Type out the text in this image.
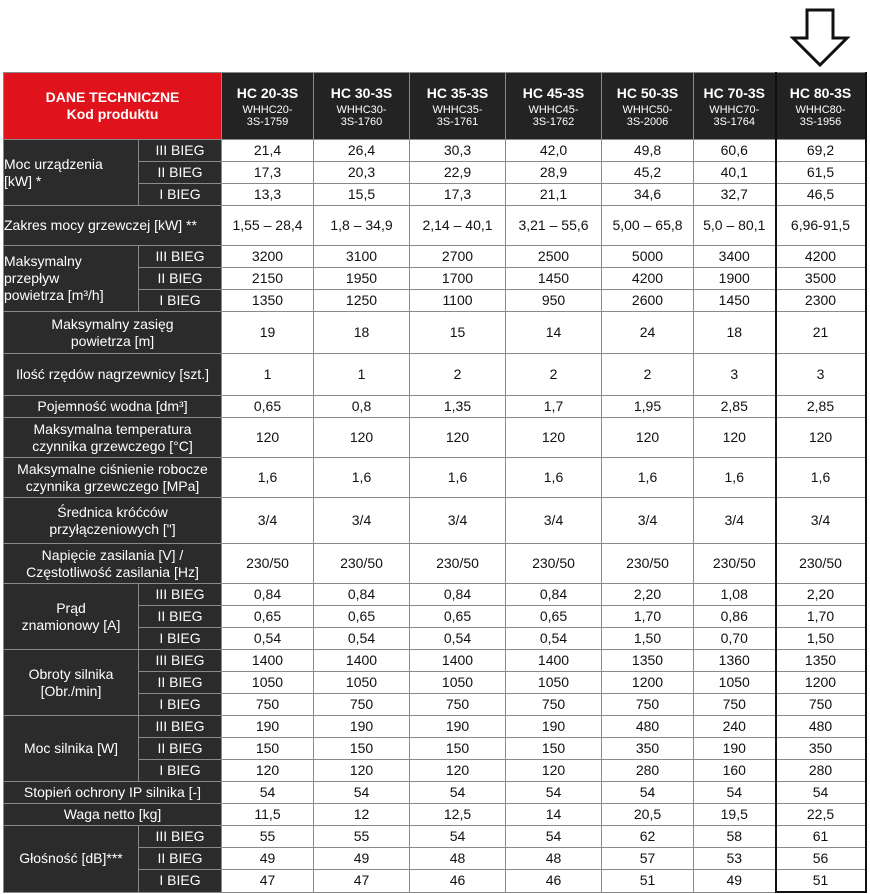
DANE TECHNICZNE
Kod produktu		HC 20-3S
WHHC20-
3S-1759	HC 30-3S
WHHC30-
3S-1760	HC 35-3S
WHHC35-
3S-1761	HC 45-3S
WHHC45-
3S-1762	HC 50-3S
WHHC50-
3S-2006	HC 70-3S
WHHC70-
3S-1764	HC 80-3S
WHHC80-
3S-1956

Moc urządzenia
[kW] *	III BIEG	21,4	26,4	30,3	42,0	49,8	60,6	69,2
	II BIEG	17,3	20,3	22,9	28,9	45,2	40,1	61,5
	I BIEG	13,3	15,5	17,3	21,1	34,6	32,7	46,5
Zakres mocy grzewczej [kW] **		1,55 – 28,4	1,8 – 34,9	2,14 – 40,1	3,21 – 55,6	5,00 – 65,8	5,0 – 80,1	6,96-91,5
Maksymalny
przepływ
powietrza [m³/h]	III BIEG	3200	3100	2700	2500	5000	3400	4200
	II BIEG	2150	1950	1700	1450	4200	1900	3500
	I BIEG	1350	1250	1100	950	2600	1450	2300
Maksymalny zasięg
powietrza [m]		19	18	15	14	24	18	21
Ilość rzędów nagrzewnicy [szt.]		1	1	2	2	2	3	3
Pojemność wodna [dm³]		0,65	0,8	1,35	1,7	1,95	2,85	2,85
Maksymalna temperatura
czynnika grzewczego [°C]		120	120	120	120	120	120	120
Maksymalne ciśnienie robocze
czynnika grzewczego [MPa]		1,6	1,6	1,6	1,6	1,6	1,6	1,6
Średnica króćców
przyłączeniowych ["]		3/4	3/4	3/4	3/4	3/4	3/4	3/4
Napięcie zasilania [V] /
Częstotliwość zasilania [Hz]		230/50	230/50	230/50	230/50	230/50	230/50	230/50
Prąd
znamionowy [A]	III BIEG	0,84	0,84	0,84	0,84	2,20	1,08	2,20
	II BIEG	0,65	0,65	0,65	0,65	1,70	0,86	1,70
	I BIEG	0,54	0,54	0,54	0,54	1,50	0,70	1,50
Obroty silnika
[Obr./min]	III BIEG	1400	1400	1400	1400	1350	1360	1350
	II BIEG	1050	1050	1050	1050	1200	1050	1200
	I BIEG	750	750	750	750	750	750	750
Moc silnika [W]	III BIEG	190	190	190	190	480	240	480
	II BIEG	150	150	150	150	350	190	350
	I BIEG	120	120	120	120	280	160	280
Stopień ochrony IP silnika [-]		54	54	54	54	54	54	54
Waga netto [kg]		11,5	12	12,5	14	20,5	19,5	22,5
Głośność [dB]***	III BIEG	55	55	54	54	62	58	61
	II BIEG	49	49	48	48	57	53	56
	I BIEG	47	47	46	46	51	49	51
